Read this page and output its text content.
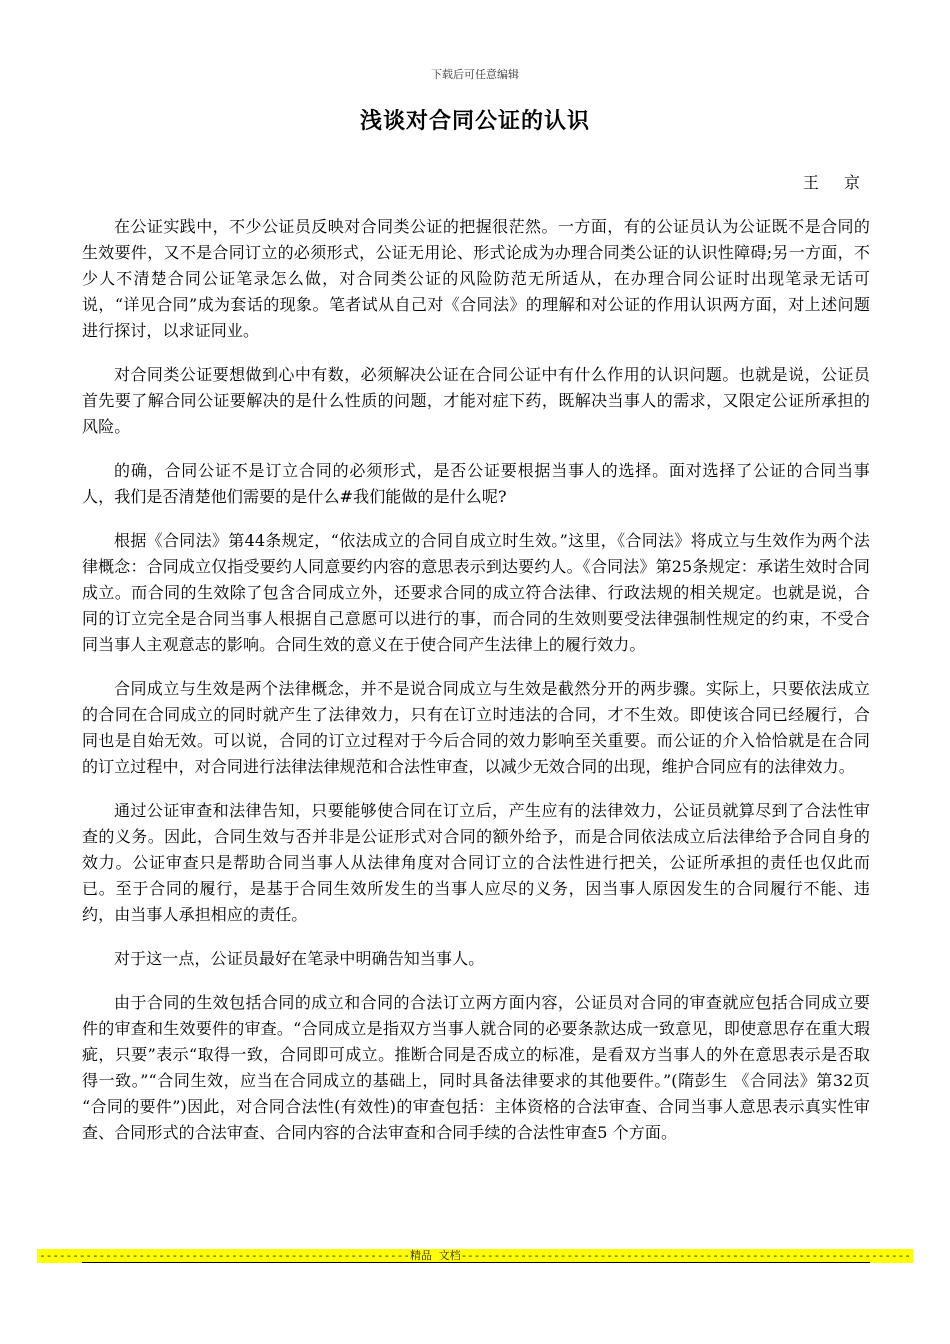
下载后可任意编辑
浅谈对合同公证的认识
王 京

在公证实践中，不少公证员反映对合同类公证的把握很茫然。一方面，有的公证员认为公证既不是合同的生效要件，又不是合同订立的必须形式，公证无用论、形式论成为办理合同类公证的认识性障碍;另一方面，不少人不清楚合同公证笔录怎么做，对合同类公证的风险防范无所适从，在办理合同公证时出现笔录无话可说，“详见合同”成为套话的现象。笔者试从自己对《合同法》的理解和对公证的作用认识两方面，对上述问题进行探讨，以求证同业。

对合同类公证要想做到心中有数，必须解决公证在合同公证中有什么作用的认识问题。也就是说，公证员首先要了解合同公证要解决的是什么性质的问题，才能对症下药，既解决当事人的需求，又限定公证所承担的风险。

的确，合同公证不是订立合同的必须形式，是否公证要根据当事人的选择。面对选择了公证的合同当事人，我们是否清楚他们需要的是什么#我们能做的是什么呢?

根据《合同法》第44条规定，“依法成立的合同自成立时生效。”这里，《合同法》将成立与生效作为两个法律概念：合同成立仅指受要约人同意要约内容的意思表示到达要约人。《合同法》第25条规定：承诺生效时合同成立。而合同的生效除了包含合同成立外，还要求合同的成立符合法律、行政法规的相关规定。也就是说，合同的订立完全是合同当事人根据自己意愿可以进行的事，而合同的生效则要受法律强制性规定的约束，不受合同当事人主观意志的影响。合同生效的意义在于使合同产生法律上的履行效力。

合同成立与生效是两个法律概念，并不是说合同成立与生效是截然分开的两步骤。实际上，只要依法成立的合同在合同成立的同时就产生了法律效力，只有在订立时违法的合同，才不生效。即使该合同已经履行，合同也是自始无效。可以说，合同的订立过程对于今后合同的效力影响至关重要。而公证的介入恰恰就是在合同的订立过程中，对合同进行法律法律规范和合法性审查，以减少无效合同的出现，维护合同应有的法律效力。

通过公证审查和法律告知，只要能够使合同在订立后，产生应有的法律效力，公证员就算尽到了合法性审查的义务。因此，合同生效与否并非是公证形式对合同的额外给予，而是合同依法成立后法律给予合同自身的效力。公证审查只是帮助合同当事人从法律角度对合同订立的合法性进行把关，公证所承担的责任也仅此而已。至于合同的履行，是基于合同生效所发生的当事人应尽的义务，因当事人原因发生的合同履行不能、违约，由当事人承担相应的责任。

对于这一点，公证员最好在笔录中明确告知当事人。

由于合同的生效包括合同的成立和合同的合法订立两方面内容，公证员对合同的审查就应包括合同成立要件的审查和生效要件的审查。“合同成立是指双方当事人就合同的必要条款达成一致意见，即使意思存在重大瑕疵，只要”表示“取得一致，合同即可成立。推断合同是否成立的标准，是看双方当事人的外在意思表示是否取得一致。”“合同生效，应当在合同成立的基础上，同时具备法律要求的其他要件。”(隋彭生 《合同法》第32页 “合同的要件”)因此，对合同合法性(有效性)的审查包括：主体资格的合法审查、合同当事人意思表示真实性审查、合同形式的合法审查、合同内容的合法审查和合同手续的合法性审查5 个方面。

--------------------------------------------------------精品 文档--------------------------------------------------------------------
